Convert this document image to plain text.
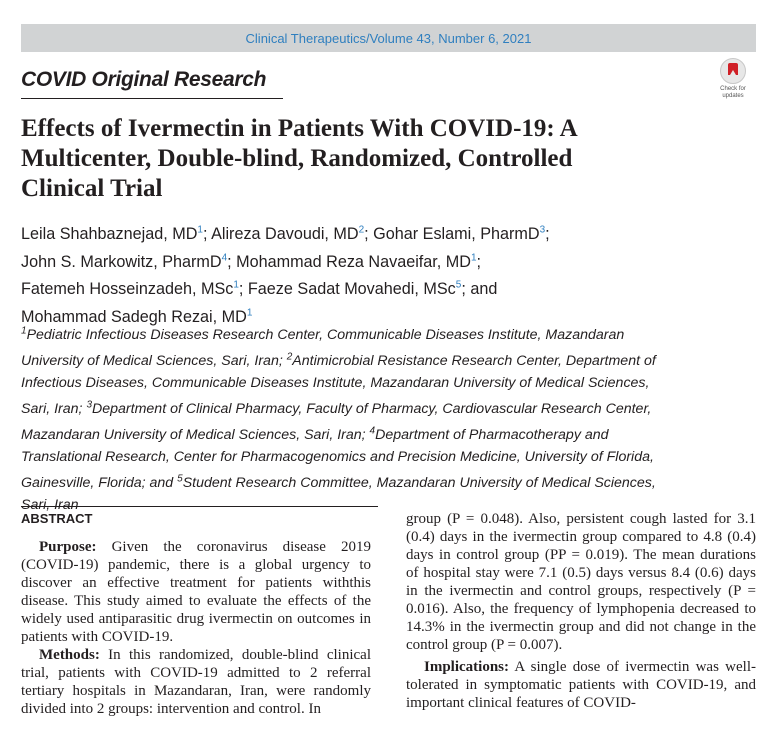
Clinical Therapeutics/Volume 43, Number 6, 2021
COVID Original Research	Check for
updates
Effects of Ivermectin in Patients With COVID-19: A Multicenter, Double-blind, Randomized, Controlled Clinical Trial
Leila Shahbaznejad, $MD^1$; Alireza Davoudi, $MD^2$; Gohar Eslami, PharmD$^3$;
John S. Markowitz, PharmD$^4$; Mohammad Reza Navaeifar, $MD^1$;
Fatemeh Hosseinzadeh, MSc$^1$; Faeze Sadat Movahedi, MSc$^5$; and
Mohammad Sadegh Rezai, $MD^1$
$^1$Pediatric Infectious Diseases Research Center, Communicable Diseases Institute, Mazandaran University of Medical Sciences, Sari, Iran; $^2$Antimicrobial Resistance Research Center, Department of Infectious Diseases, Communicable Diseases Institute, Mazandaran University of Medical Sciences, Sari, Iran; $^3$Department of Clinical Pharmacy, Faculty of Pharmacy, Cardiovascular Research Center, Mazandaran University of Medical Sciences, Sari, Iran; $^4$Department of Pharmacotherapy and Translational Research, Center for Pharmacogenomics and Precision Medicine, University of Florida, Gainesville, Florida; and $^5$Student Research Committee, Mazandaran University of Medical Sciences, Sari, Iran
ABSTRACT

Purpose: Given the coronavirus disease 2019 (COVID-19) pandemic, there is a global urgency to discover an effective treatment for patients withthis disease. This study aimed to evaluate the effects of the widely used antiparasitic drug ivermectin on outcomes in patients with COVID-19.

Methods: In this randomized, double-blind clinical trial, patients with COVID-19 admitted to 2 referral tertiary hospitals in Mazandaran, Iran, were randomly divided into 2 groups: intervention and control. In

group (P = 0.048). Also, persistent cough lasted for 3.1 (0.4) days in the ivermectin group compared to 4.8 (0.4) days in control group (PP = 0.019). The mean durations of hospital stay were 7.1 (0.5) days versus 8.4 (0.6) days in the ivermectin and control groups, respectively (P = 0.016). Also, the frequency of lymphopenia decreased to 14.3% in the ivermectin group and did not change in the control group (P = 0.007).

Implications: A single dose of ivermectin was well-tolerated in symptomatic patients with COVID-19, and important clinical features of COVID-
